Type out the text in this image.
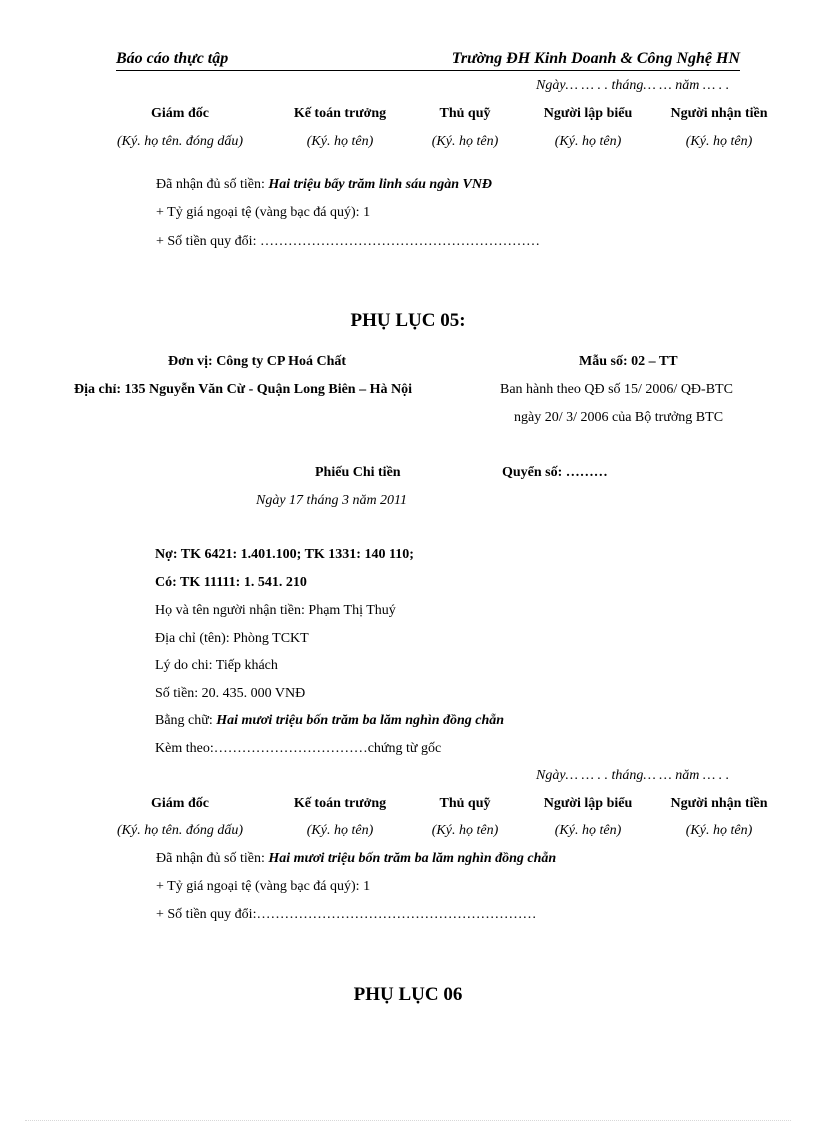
Báo cáo thực tập	Trường ĐH Kinh Doanh & Công Nghệ HN
Ngày… … . . tháng… … năm … . .
Giám đốc	Kế toán trưởng	Thủ quỹ	Người lập biểu	Người nhận tiền
(Ký. họ tên. đóng dấu)	(Ký. họ tên)	(Ký. họ tên)	(Ký. họ tên)	(Ký. họ tên)
Đã nhận đủ số tiền: Hai triệu bẩy trăm linh sáu ngàn VNĐ
+ Tỷ giá ngoại tệ (vàng bạc đá quý): 1
+ Số tiền quy đổi: ……………………………………………………
PHỤ LỤC 05:
Đơn vị: Công ty CP Hoá Chất
Địa chỉ: 135 Nguyễn Văn Cừ - Quận Long Biên – Hà Nội
Mẫu số: 02 – TT
Ban hành theo QĐ số 15/ 2006/ QĐ-BTC
ngày 20/ 3/ 2006 của Bộ trưởng BTC
Phiếu Chi tiền	Quyển số: ………
Ngày 17 tháng 3 năm 2011
Nợ: TK 6421: 1.401.100; TK 1331: 140 110;
Có: TK 11111: 1. 541. 210
Họ và tên người nhận tiền: Phạm Thị Thuý
Địa chỉ (tên): Phòng TCKT
Lý do chi: Tiếp khách
Số tiền: 20. 435. 000 VNĐ
Bằng chữ: Hai mươi triệu bốn trăm ba lăm nghìn đồng chẵn
Kèm theo:……………………………chứng từ gốc
Ngày… … . . tháng… … năm … . .
Giám đốc	Kế toán trưởng	Thủ quỹ	Người lập biểu	Người nhận tiền
(Ký. họ tên. đóng dấu)	(Ký. họ tên)	(Ký. họ tên)	(Ký. họ tên)	(Ký. họ tên)
Đã nhận đủ số tiền: Hai mươi triệu bốn trăm ba lăm nghìn đồng chẵn
+ Tỷ giá ngoại tệ (vàng bạc đá quý): 1
+ Số tiền quy đổi:……………………………………………………
PHỤ LỤC 06
